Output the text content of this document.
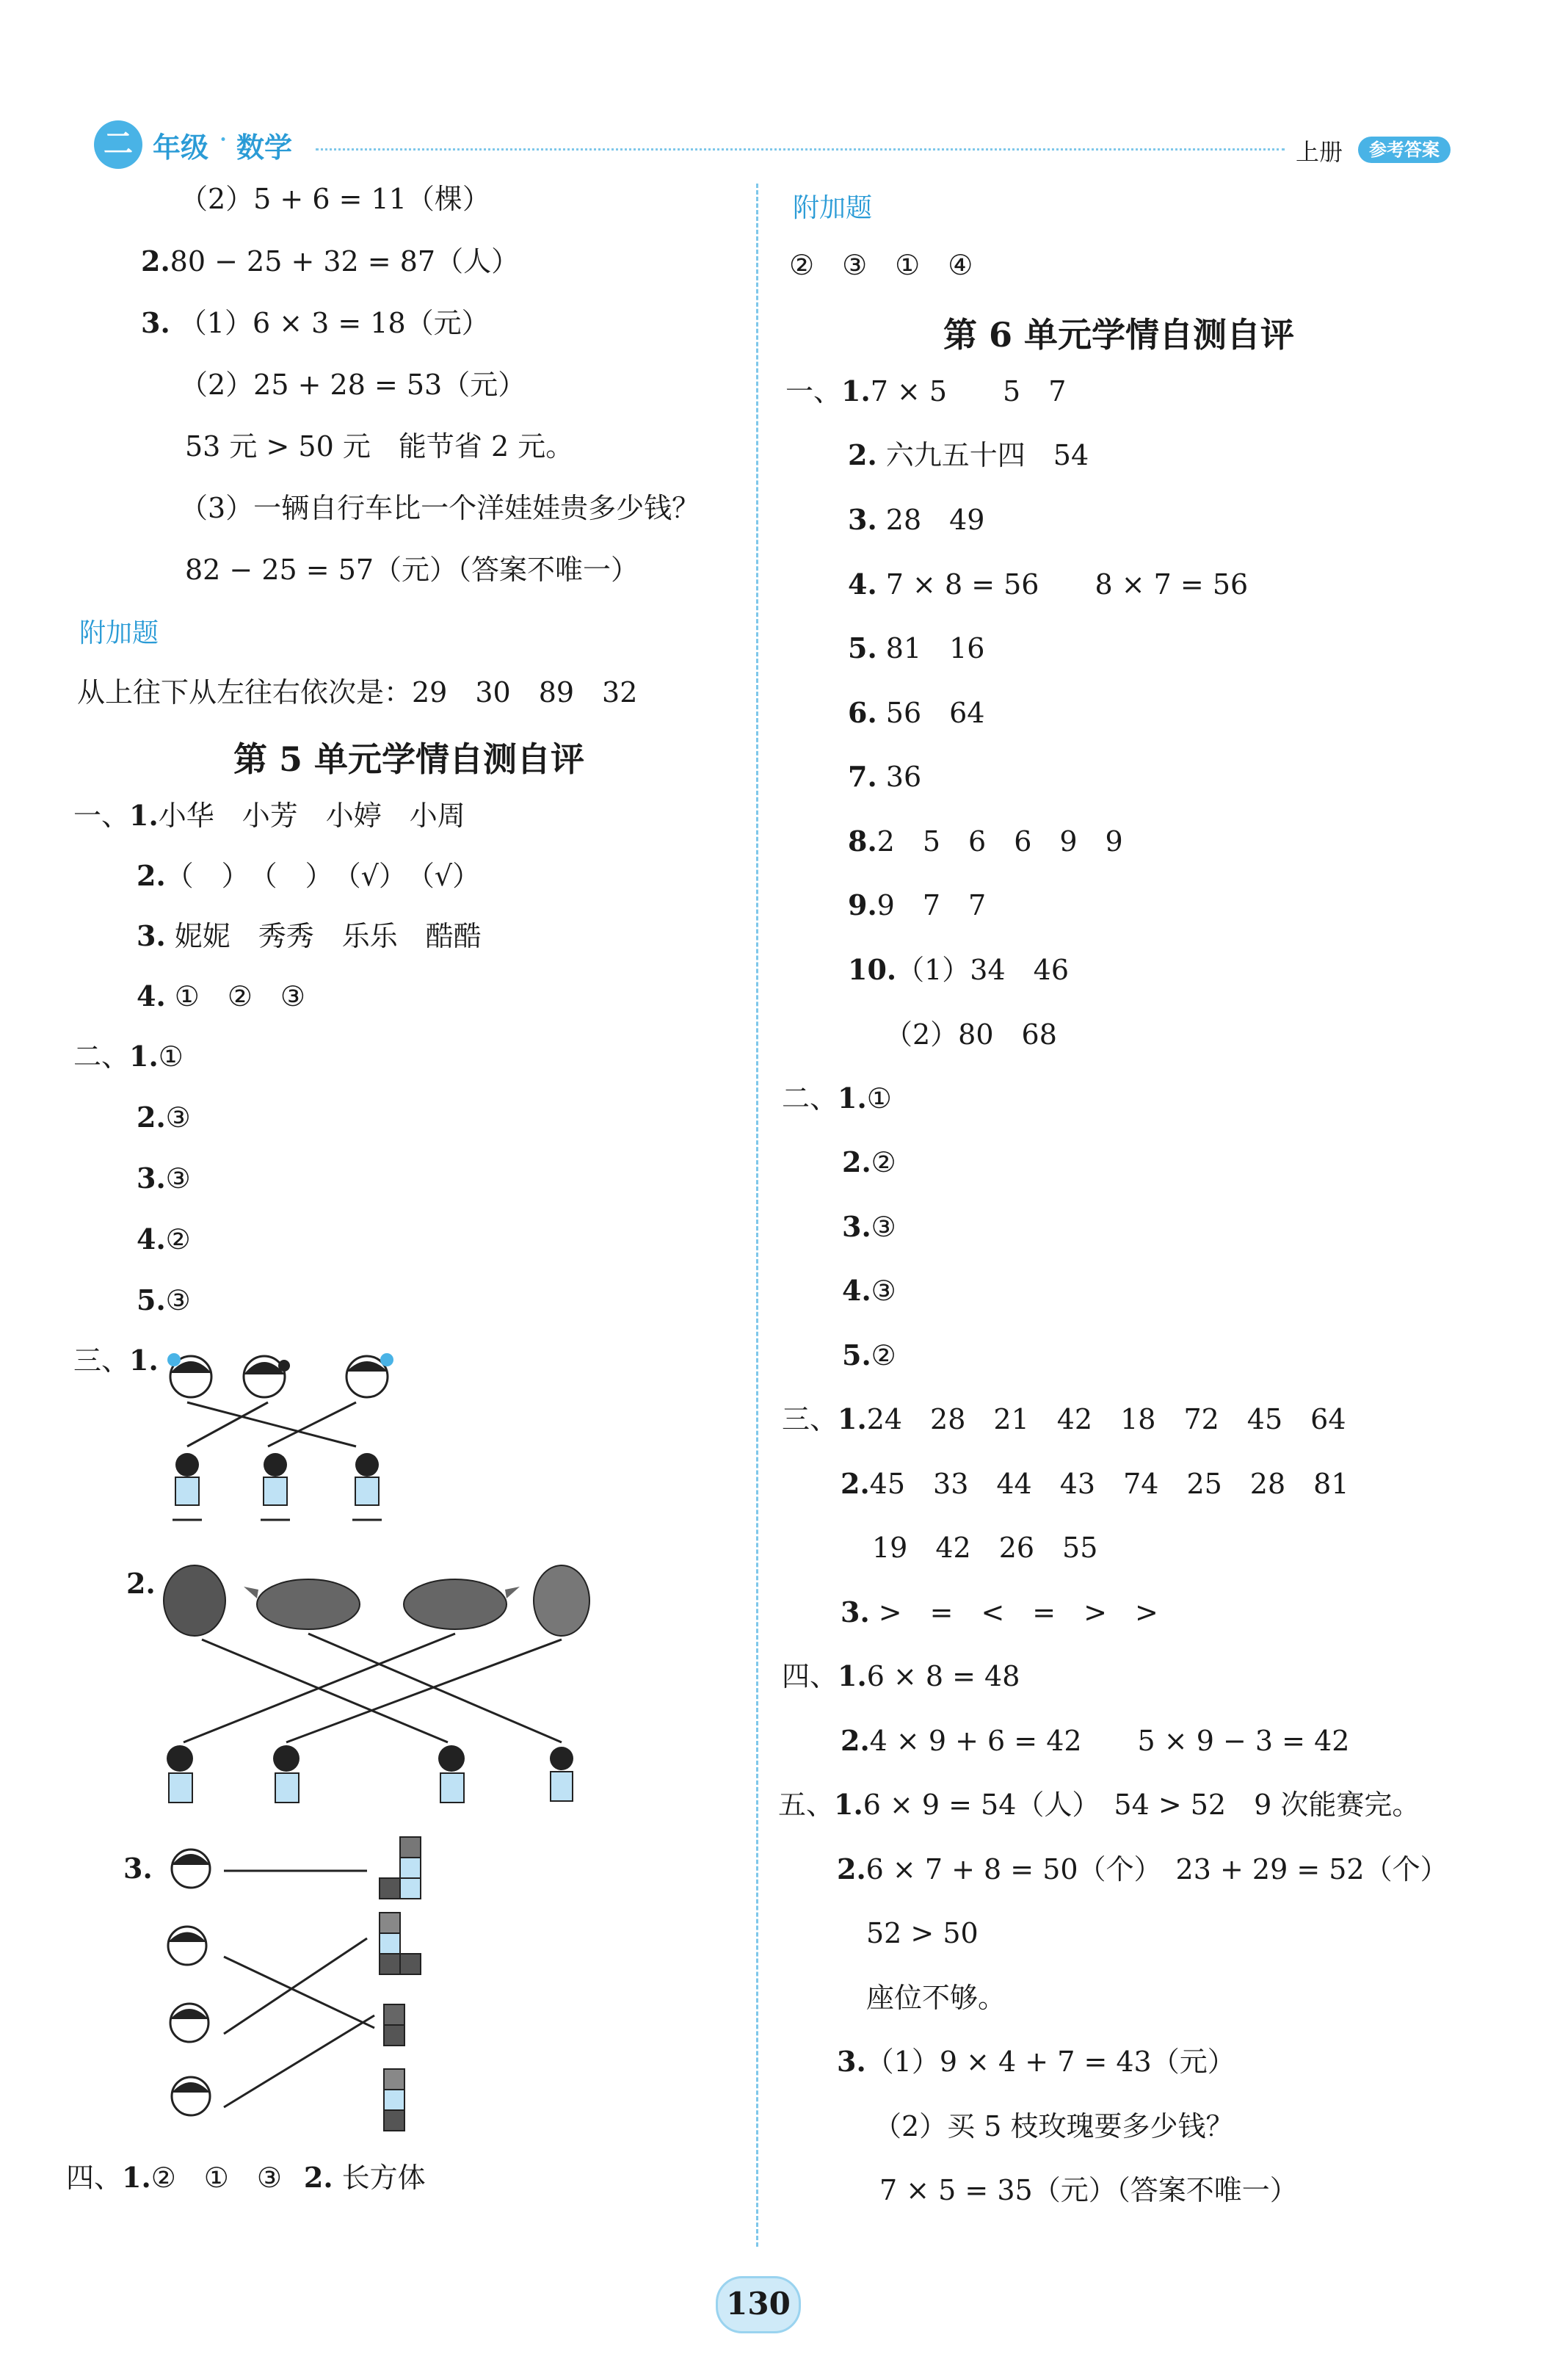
二 年级 · 数学	上册	参考答案
（2）5 + 6 = 11（棵）
2.80 − 25 + 32 = 87（人）
3. （1）6 × 3 = 18（元）
（2）25 + 28 = 53（元）
53 元 > 50 元　能节省 2 元。
（3）一辆自行车比一个洋娃娃贵多少钱？
82 − 25 = 57（元）（答案不唯一）
附加题
从上往下从左往右依次是：29　30　89　32
第 5 单元学情自测自评
一、1.小华　小芳　小婷　小周
2.（　）　（　）　（√）　（√）
3. 妮妮　秀秀　乐乐　酷酷
4. ①　②　③
二、1.①
2.③
3.③
4.②
5.③
三、1.
2.
3.
四、1.②　①　③ 2. 长方体
附加题
②　③　①　④
第 6 单元学情自测自评
一、1.7 × 5　　5　7
2. 六九五十四　54
3. 28　49
4. 7 × 8 = 56　　8 × 7 = 56
5. 81　16
6. 56　64
7. 36
8.2　5　6　6　9　9
9.9　7　7
10.（1）34　46
（2）80　68
二、1.①
2.②
3.③
4.③
5.②
三、1.24　28　21　42　18　72　45　64
2.45　33　44　43　74　25　28　81
19　42　26　55
3. >　=　<　=　>　>
四、1.6 × 8 = 48
2.4 × 9 + 6 = 42　　5 × 9 − 3 = 42
五、1.6 × 9 = 54（人）　54 > 52　9 次能赛完。
2.6 × 7 + 8 = 50（个）　23 + 29 = 52（个）
52 > 50
座位不够。
3.（1）9 × 4 + 7 = 43（元）
（2）买 5 枝玫瑰要多少钱？
7 × 5 = 35（元）（答案不唯一）
130
